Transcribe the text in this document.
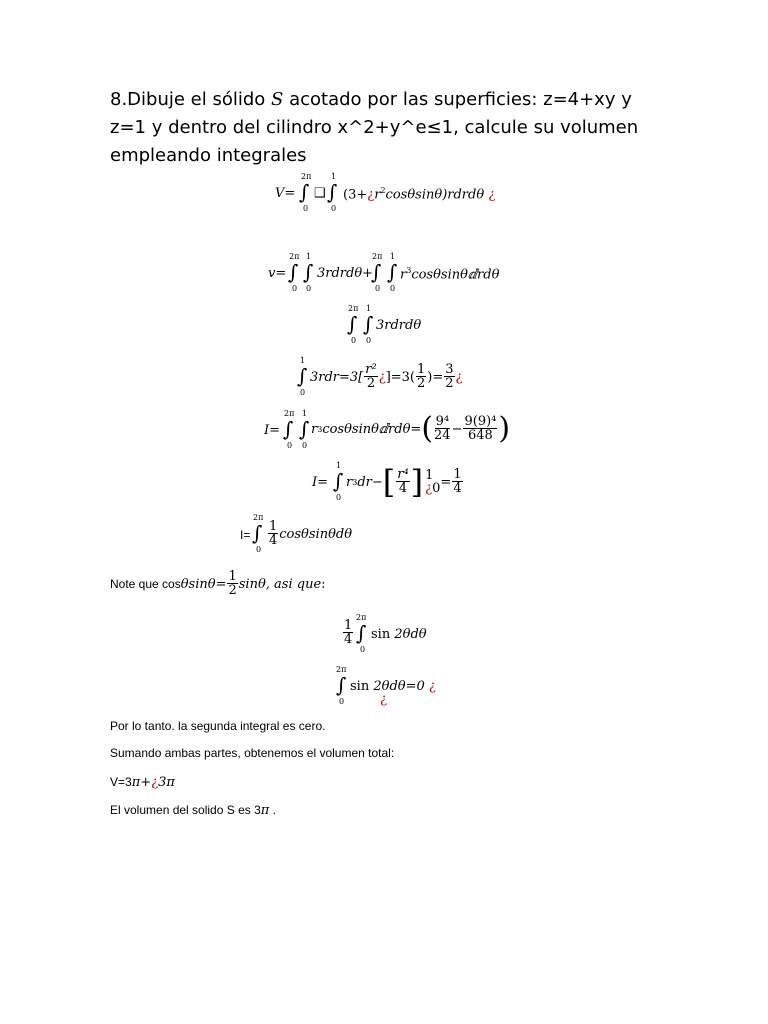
8.Dibuje el sólido S acotado por las superficies: z=4+xy y z=1 y dentro del cilindro x^2+y^e≤1, calcule su volumen empleando integrales
V=
2π
∫
0
❑
1
∫
0
$(3+¿r^2\cos\theta\sin\theta)rdrd\theta$ ¿
v=
2π
∫
0
1
∫
0
3rdrdθ+
2π
∫
0
1
∫
0
$r^3\cos\theta\sin\theta ⅆrd\theta$
2π
∫
0
1
∫
0
3rdrdθ
1
∫
0
$3rdr=3[ \frac{\text{r²}}{2}$ ¿ ]$=3( \frac{1}{2}$ )= $\frac{3}{2}$ ¿
I=
2π
∫
0
1
∫
0
r 3 cosθsinθ ⅆ rdθ= ( $\frac{\text{9⁴}}{24} - \frac{\text{9(9)⁴}}{648}$ )
I=
1
∫
0
r 3 dr− [ $\frac{\text{r⁴}}{4}$ ] 1
¿$0 = \frac{1}{4}$
I=
2π
∫
0
$\frac{1}{4}$ cosθsinθdθ
Note que $\cos \theta\sin\theta= \frac{1}{2} \sin\theta$, asi que :
$\frac{1}{4}$
2π
∫
0
sin 2θdθ
2π
∫
0
sin 2θdθ=0 ¿
¿
Por lo tanto. la segunda integral es cero.
Sumando ambas partes, obtenemos el volumen total:
V=3π+¿3π
El volumen del solido S es 3π .
